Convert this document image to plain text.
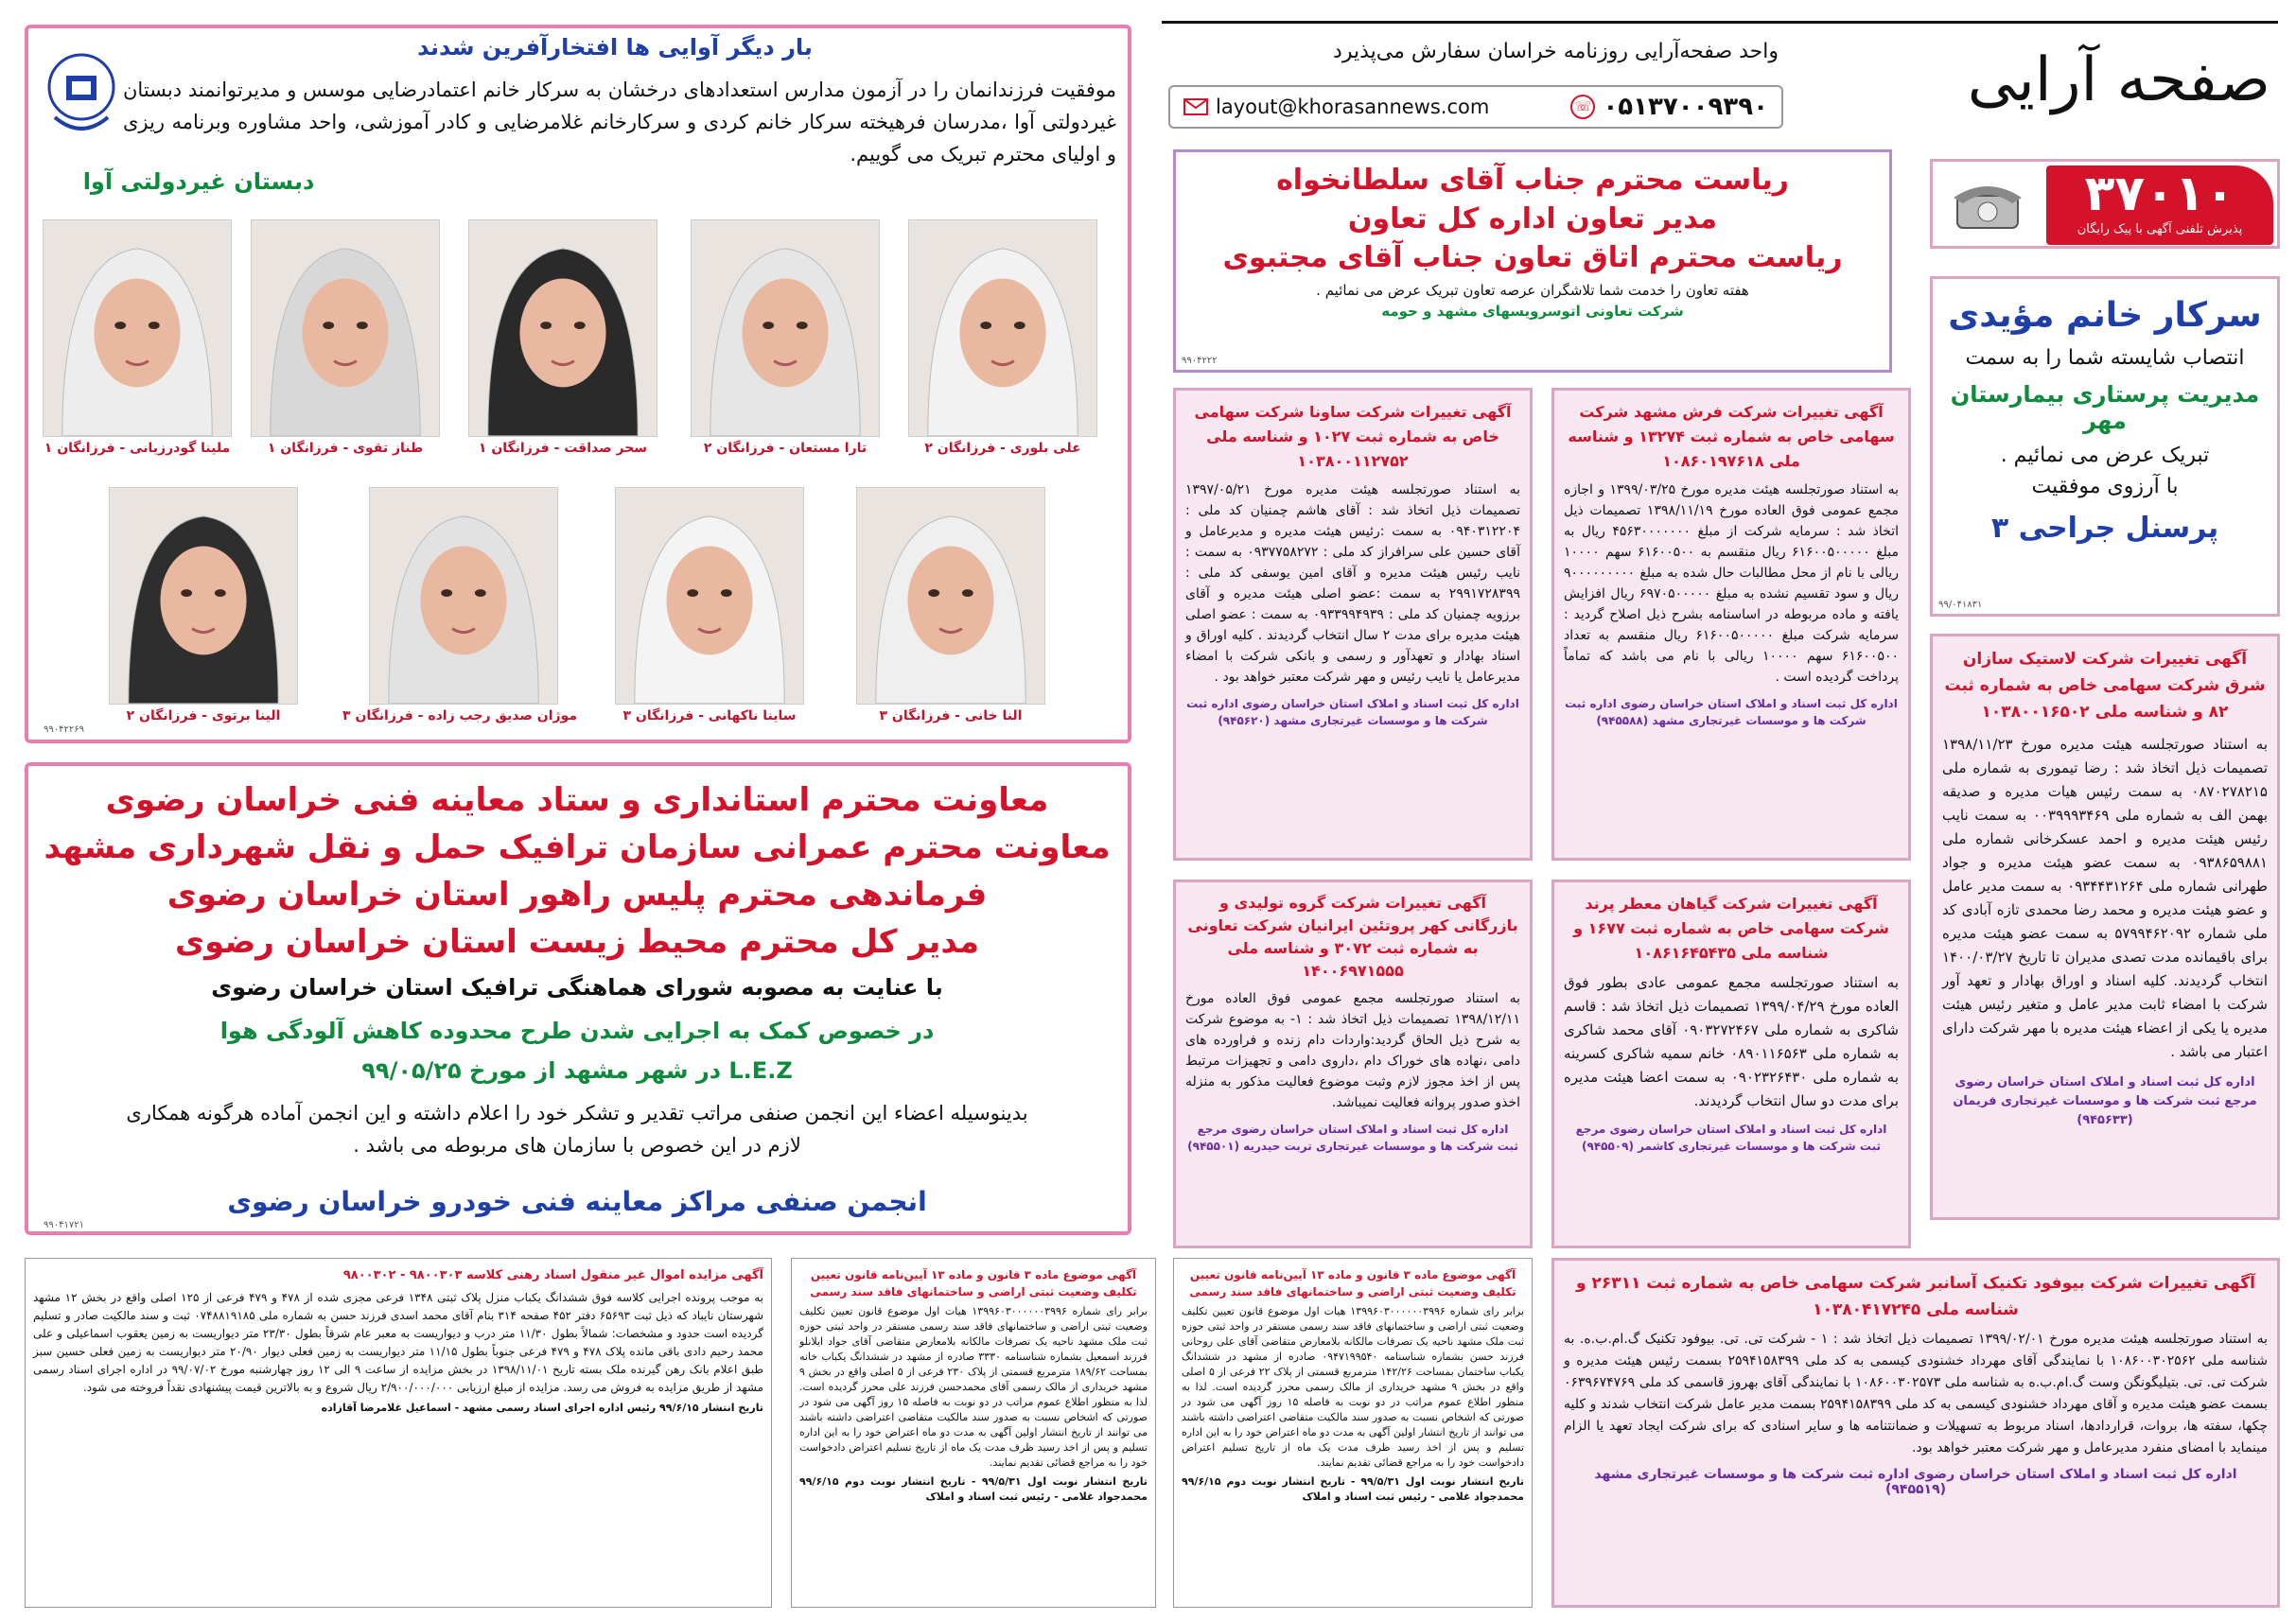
صفحه آرایی
واحد صفحه‌آرایی روزنامه خراسان سفارش می‌پذیرد
layout@khorasannews.com	☏ ۰۵۱۳۷۰۰۹۳۹۰
۳۷۰۱۰
پذیرش تلفنی آگهی با پیک رایگان
سرکار خانم مؤیدی
انتصاب شایسته شما را به سمت
مدیریت پرستاری بیمارستان مهر
تبریک عرض می نمائیم .
با آرزوی موفقیت
پرسنل جراحی ۳
۹۹/۰۴۱۸۳۱
آگهی تغییرات شرکت لاستیک سازان شرق شرکت سهامی خاص به شماره ثبت ۸۲ و شناسه ملی ۱۰۳۸۰۰۱۶۵۰۲
به استناد صورتجلسه هیئت مدیره مورخ ۱۳۹۸/۱۱/۲۳ تصمیمات ذیل اتخاذ شد : رضا تیموری به شماره ملی ۰۸۷۰۲۷۸۲۱۵ به سمت رئیس هیات مدیره و صدیقه بهمن الف به شماره ملی ۰۰۳۹۹۹۳۴۶۹ به سمت نایب رئیس هیئت مدیره و احمد عسکرخانی شماره ملی ۰۹۳۸۶۵۹۸۸۱ به سمت عضو هیئت مدیره و جواد طهرانی شماره ملی ۰۹۳۴۴۳۱۲۶۴ به سمت مدیر عامل و عضو هیئت مدیره و محمد رضا محمدی تازه آبادی کد ملی شماره ۵۷۹۹۴۶۲۰۹۲ به سمت عضو هیئت مدیره برای باقیمانده مدت تصدی مدیران تا تاریخ ۱۴۰۰/۰۳/۲۷ انتخاب گردیدند. کلیه اسناد و اوراق بهادار و تعهد آور شرکت با امضاء ثابت مدیر عامل و متغیر رئیس هیئت مدیره یا یکی از اعضاء هیئت مدیره با مهر شرکت دارای اعتبار می باشد .
اداره کل ثبت اسناد و املاک استان خراسان رضوی مرجع ثبت شرکت ها و موسسات غیرتجاری فریمان (۹۴۵۶۳۳)
ریاست محترم جناب آقای سلطانخواه
مدیر تعاون اداره کل تعاون
ریاست محترم اتاق تعاون جناب آقای مجتبوی
هفته تعاون را خدمت شما تلاشگران عرصه تعاون تبریک عرض می نمائیم .
شرکت تعاونی اتوسرویسهای مشهد و حومه
۹۹۰۴۲۲۲
آگهی تغییرات شرکت فرش مشهد شرکت سهامی خاص به شماره ثبت ۱۳۲۷۴ و شناسه ملی ۱۰۸۶۰۱۹۷۶۱۸
به استناد صورتجلسه هیئت مدیره مورخ ۱۳۹۹/۰۳/۲۵ و اجازه مجمع عمومی فوق العاده مورخ ۱۳۹۸/۱۱/۱۹ تصمیمات ذیل اتخاذ شد : سرمایه شرکت از مبلغ ۴۵۶۳۰۰۰۰۰۰۰ ریال به مبلغ ۶۱۶۰۰۵۰۰۰۰۰ ریال منقسم به ۶۱۶۰۰۵۰۰ سهم ۱۰۰۰۰ ریالی با نام از محل مطالبات حال شده به مبلغ ۹۰۰۰۰۰۰۰۰۰ ریال و سود تقسیم نشده به مبلغ ۶۹۷۰۵۰۰۰۰۰ ریال افزایش یافته و ماده مربوطه در اساسنامه بشرح ذیل اصلاح گردید : سرمایه شرکت مبلغ ۶۱۶۰۰۵۰۰۰۰۰ ریال منقسم به تعداد ۶۱۶۰۰۵۰۰ سهم ۱۰۰۰۰ ریالی با نام می باشد که تماماً پرداخت گردیده است .
اداره کل ثبت اسناد و املاک استان خراسان رضوی اداره ثبت شرکت ها و موسسات غیرتجاری مشهد (۹۴۵۵۸۸)
آگهی تغییرات شرکت ساونا شرکت سهامی خاص به شماره ثبت ۱۰۲۷ و شناسه ملی ۱۰۳۸۰۰۱۱۲۷۵۲
به استناد صورتجلسه هیئت مدیره مورخ ۱۳۹۷/۰۵/۲۱ تصمیمات ذیل اتخاذ شد : آقای هاشم چمنیان کد ملی : ۰۹۴۰۳۱۲۲۰۴ به سمت :رئیس هیئت مدیره و مدیرعامل و آقای حسین علی سرافراز کد ملی : ۰۹۳۷۷۵۸۲۷۲ به سمت : نایب رئیس هیئت مدیره و آقای امین یوسفی کد ملی : ۲۹۹۱۷۲۸۳۹۹ به سمت :عضو اصلی هیئت مدیره و آقای برزویه چمنیان کد ملی : ۰۹۳۳۹۹۴۹۳۹ به سمت : عضو اصلی هیئت مدیره برای مدت ۲ سال انتخاب گردیدند . کلیه اوراق و اسناد بهادار و تعهدآور و رسمی و بانکی شرکت با امضاء مدیرعامل یا نایب رئیس و مهر شرکت معتبر خواهد بود .
اداره کل ثبت اسناد و املاک استان خراسان رضوی اداره ثبت شرکت ها و موسسات غیرتجاری مشهد (۹۴۵۶۲۰)
آگهی تغییرات شرکت گیاهان معطر پرند شرکت سهامی خاص به شماره ثبت ۱۶۷۷ و شناسه ملی ۱۰۸۶۱۶۴۵۴۳۵
به استناد صورتجلسه مجمع عمومی عادی بطور فوق العاده مورخ ۱۳۹۹/۰۴/۲۹ تصمیمات ذیل اتخاذ شد : قاسم شاکری به شماره ملی ۰۹۰۳۲۷۲۴۶۷ آقای محمد شاکری به شماره ملی ۰۸۹۰۱۱۶۵۶۳ خانم سمیه شاکری کسرینه به شماره ملی ۰۹۰۲۳۲۶۴۳۰ به سمت اعضا هیئت مدیره برای مدت دو سال انتخاب گردیدند.
اداره کل ثبت اسناد و املاک استان خراسان رضوی مرجع ثبت شرکت ها و موسسات غیرتجاری کاشمر (۹۴۵۵۰۹)
آگهی تغییرات شرکت گروه تولیدی و بازرگانی کهر پروتئین ایرانیان شرکت تعاونی به شماره ثبت ۳۰۷۲ و شناسه ملی ۱۴۰۰۶۹۷۱۵۵۵
به استناد صورتجلسه مجمع عمومی فوق العاده مورخ ۱۳۹۸/۱۲/۱۱ تصمیمات ذیل اتخاذ شد : ۱- به موضوع شرکت به شرح ذیل الحاق گردید:واردات دام زنده و فراورده های دامی ،نهاده های خوراک دام ،داروی دامی و تجهیزات مرتبط پس از اخذ مجوز لازم وثبت موضوع فعالیت مذکور به منزله اخذو صدور پروانه فعالیت نمیباشد.
اداره کل ثبت اسناد و املاک استان خراسان رضوی مرجع ثبت شرکت ها و موسسات غیرتجاری تربت حیدریه (۹۴۵۵۰۱)
آگهی تغییرات شرکت بیوفود تکنیک آسانبر شرکت سهامی خاص به شماره ثبت ۲۶۳۱۱ و شناسه ملی ۱۰۳۸۰۴۱۷۲۴۵
به استناد صورتجلسه هیئت مدیره مورخ ۱۳۹۹/۰۲/۰۱ تصمیمات ذیل اتخاذ شد : ۱ - شرکت تی. تی. بیوفود تکنیک گ.ام.ب.ه. به شناسه ملی ۱۰۸۶۰۰۳۰۲۵۶۲ با نمایندگی آقای مهرداد خشنودی کیسمی به کد ملی ۲۵۹۴۱۵۸۳۹۹ بسمت رئیس هیئت مدیره و شرکت تی. تی. بتیلیگونگن وست گ.ام.ب.ه به شناسه ملی ۱۰۸۶۰۰۳۰۲۵۷۳ با نمایندگی آقای بهروز قاسمی کد ملی ۰۶۳۹۶۷۴۷۶۹ بسمت عضو هیئت مدیره و آقای مهرداد خشنودی کیسمی به کد ملی ۲۵۹۴۱۵۸۳۹۹ بسمت مدیر عامل شرکت انتخاب شدند و کلیه چکها، سفته ها، بروات، قراردادها، اسناد مربوط به تسهیلات و ضمانتنامه ها و سایر اسنادی که برای شرکت ایجاد تعهد یا الزام مینماید با امضای منفرد مدیرعامل و مهر شرکت معتبر خواهد بود.
اداره کل ثبت اسناد و املاک استان خراسان رضوی اداره ثبت شرکت ها و موسسات غیرتجاری مشهد (۹۴۵۵۱۹)
آگهی موضوع ماده ۳ قانون و ماده ۱۳ آیین‌نامه قانون تعیین تکلیف وضعیت ثبتی اراضی و ساختمانهای فاقد سند رسمی
برابر رای شماره ۱۳۹۹۶۰۳۰۰۰۰۰۰۳۹۹۶ هیات اول موضوع قانون تعیین تکلیف وضعیت ثبتی اراضی و ساختمانهای فاقد سند رسمی مستقر در واحد ثبتی حوزه ثبت ملک مشهد ناحیه یک تصرفات مالکانه بلامعارض متقاضی آقای علی روحانی فرزند حسن بشماره شناسنامه ۰۹۴۷۱۹۹۵۴۰ صادره از مشهد در ششدانگ یکباب ساختمان بمساحت ۱۴۲/۲۶ مترمربع قسمتی از پلاک ۲۲ فرعی از ۵ اصلی واقع در بخش ۹ مشهد خریداری از مالک رسمی محرز گردیده است. لذا به منظور اطلاع عموم مراتب در دو نوبت به فاصله ۱۵ روز آگهی می شود در صورتی که اشخاص نسبت به صدور سند مالکیت متقاضی اعتراضی داشته باشند می توانند از تاریخ انتشار اولین آگهی به مدت دو ماه اعتراض خود را به این اداره تسلیم و پس از اخذ رسید ظرف مدت یک ماه از تاریخ تسلیم اعتراض دادخواست خود را به مراجع قضائی تقدیم نمایند.
تاریخ انتشار نوبت اول ۹۹/۵/۳۱ - تاریخ انتشار نوبت دوم ۹۹/۶/۱۵ محمدجواد غلامی - رئیس ثبت اسناد و املاک
بار دیگر آوایی ها افتخارآفرین شدند
موفقیت فرزندانمان را در آزمون مدارس استعدادهای درخشان به سرکار خانم اعتمادرضایی موسس و مدیرتوانمند دبستان غیردولتی آوا ،مدرسان فرهیخته سرکار خانم کردی و سرکارخانم غلامرضایی و کادر آموزشی، واحد مشاوره وبرنامه ریزی و اولیای محترم تبریک می گوییم.
دبستان غیردولتی آوا
۹۹۰۴۲۲۶۹
معاونت محترم استانداری و ستاد معاینه فنی خراسان رضوی
معاونت محترم عمرانی سازمان ترافیک حمل و نقل شهرداری مشهد
فرماندهی محترم پلیس راهور استان خراسان رضوی
مدیر کل محترم محیط زیست استان خراسان رضوی
با عنایت به مصوبه شورای هماهنگی ترافیک استان خراسان رضوی
در خصوص کمک به اجرایی شدن طرح محدوده کاهش آلودگی هوا
L.E.Z در شهر مشهد از مورخ ۹۹/۰۵/۲۵
بدینوسیله اعضاء این انجمن صنفی مراتب تقدیر و تشکر خود را اعلام داشته و این انجمن آماده هرگونه همکاری لازم در این خصوص با سازمان های مربوطه می باشد .
انجمن صنفی مراکز معاینه فنی خودرو خراسان رضوی
۹۹۰۴۱۷۲۱
آگهی موضوع ماده ۳ قانون و ماده ۱۳ آیین‌نامه قانون تعیین تکلیف وضعیت ثبتی اراضی و ساختمانهای فاقد سند رسمی
برابر رای شماره ۱۳۹۹۶۰۳۰۰۰۰۰۰۳۹۹۶ هیات اول موضوع قانون تعیین تکلیف وضعیت ثبتی اراضی و ساختمانهای فاقد سند رسمی مستقر در واحد ثبتی حوزه ثبت ملک مشهد ناحیه یک تصرفات مالکانه بلامعارض متقاضی آقای جواد ایلانلو فرزند اسمعیل بشماره شناسنامه ۳۳۳۰ صادره از مشهد در ششدانگ یکباب خانه بمساحت ۱۸۹/۶۲ مترمربع قسمتی از پلاک ۲۳۰ فرعی از ۵ اصلی واقع در بخش ۹ مشهد خریداری از مالک رسمی آقای محمدحسن فرزند علی محرز گردیده است. لذا به منظور اطلاع عموم مراتب در دو نوبت به فاصله ۱۵ روز آگهی می شود در صورتی که اشخاص نسبت به صدور سند مالکیت متقاضی اعتراضی داشته باشند می توانند از تاریخ انتشار اولین آگهی به مدت دو ماه اعتراض خود را به این اداره تسلیم و پس از اخذ رسید ظرف مدت یک ماه از تاریخ تسلیم اعتراض دادخواست خود را به مراجع قضائی تقدیم نمایند.
تاریخ انتشار نوبت اول ۹۹/۵/۳۱ - تاریخ انتشار نوبت دوم ۹۹/۶/۱۵ محمدجواد غلامی - رئیس ثبت اسناد و املاک
آگهی مزایده اموال غیر منقول اسناد رهنی کلاسه ۹۸۰۰۳۰۳ - ۹۸۰۰۳۰۲
به موجب پرونده اجرایی کلاسه فوق ششدانگ یکباب منزل پلاک ثبتی ۱۳۴۸ فرعی مجزی شده از ۴۷۸ و ۴۷۹ فرعی از ۱۲۵ اصلی واقع در بخش ۱۲ مشهد شهرستان نایباد که ذیل ثبت ۶۵۶۹۳ دفتر ۴۵۲ صفحه ۳۱۴ بنام آقای محمد اسدی فرزند حسن به شماره ملی ۰۷۴۸۸۱۹۱۸۵ ثبت و سند مالکیت صادر و تسلیم گردیده است حدود و مشخصات: شمالاً بطول ۱۱/۳۰ متر درب و دیواریست به معبر عام شرقاً بطول ۲۳/۳۰ متر دیواریست به زمین یعقوب اسماعیلی و علی محمد رحیم دادی باقی مانده پلاک ۴۷۸ و ۴۷۹ فرعی جنوباً بطول ۱۱/۱۵ متر دیواریست به زمین فعلی دیوار ۲۰/۹۰ متر دیواریست به زمین فعلی حسین سبز طبق اعلام بانک رهن گیرنده ملک بسته تاریخ ۱۳۹۸/۱۱/۰۱ در بخش مزایده از ساعت ۹ الی ۱۲ روز چهارشنبه مورخ ۹۹/۰۷/۰۲ در اداره اجرای اسناد رسمی مشهد از طریق مزایده به فروش می رسد. مزایده از مبلغ ارزیابی ۲/۹۰۰/۰۰۰/۰۰۰ ریال شروع و به بالاترین قیمت پیشنهادی نقداً فروخته می شود.
تاریخ انتشار ۹۹/۶/۱۵ رئیس اداره اجرای اسناد رسمی مشهد - اسماعیل غلامرضا آقازاده
علی بلوری - فرزانگان ۲
تارا مستعان - فرزانگان ۲
سحر صداقت - فرزانگان ۱
طناز تقوی - فرزانگان ۱
ملینا گودرزیانی - فرزانگان ۱
النا خانی - فرزانگان ۳
ساینا ناکهانی - فرزانگان ۳
موژان صدیق رجب زاده - فرزانگان ۳
الینا برتوی - فرزانگان ۲
